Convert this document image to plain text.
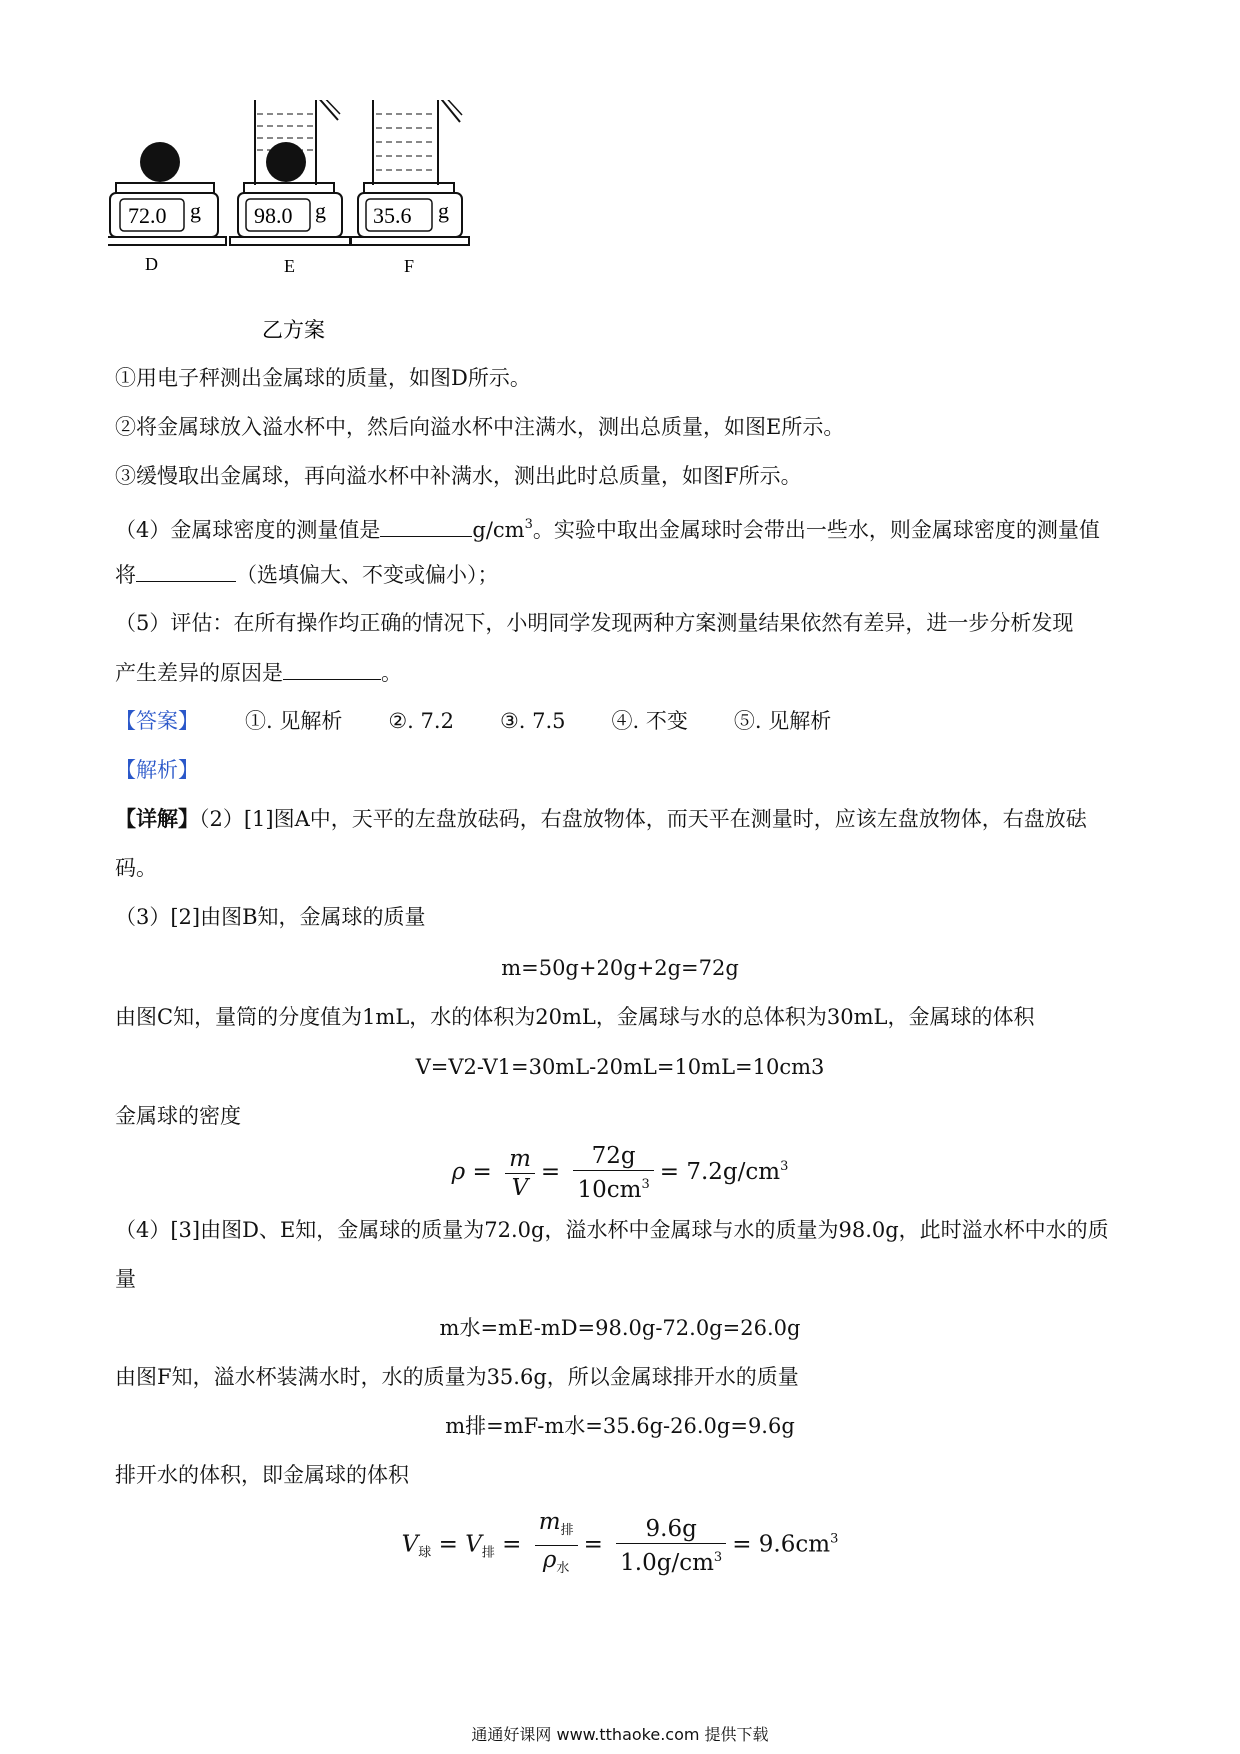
72.0 g
D
98.0 g
E
35.6 g
F
乙方案
①用电子秤测出金属球的质量，如图D所示。
②将金属球放入溢水杯中，然后向溢水杯中注满水，测出总质量，如图E所示。
③缓慢取出金属球，再向溢水杯中补满水，测出此时总质量，如图F所示。
（4）金属球密度的测量值是	$g/cm^3$。实验中取出金属球时会带出一些水，则金属球密度的测量值
将	（选填偏大、不变或偏小）；
（5）评估：在所有操作均正确的情况下，小明同学发现两种方案测量结果依然有差异，进一步分析发现
产生差异的原因是	。
【答案】 ①. 见解析 ②. 7.2 ③. 7.5 ④. 不变 ⑤. 见解析
【解析】
【详解】（2）[1]图A中，天平的左盘放砝码，右盘放物体，而天平在测量时，应该左盘放物体，右盘放砝
码。
（3）[2]由图B知，金属球的质量
m=50g+20g+2g=72g
由图C知，量筒的分度值为1mL，水的体积为20mL，金属球与水的总体积为30mL，金属球的体积
V=V2-V1=30mL-20mL=10mL=10cm3
金属球的密度
$\rho = \frac{m}{V} = \frac{72g}{10cm^3} = 7.2g/cm^3$
（4）[3]由图D、E知，金属球的质量为72.0g，溢水杯中金属球与水的质量为98.0g，此时溢水杯中水的质
量
m水=mE-mD=98.0g-72.0g=26.0g
由图F知，溢水杯装满水时，水的质量为35.6g，所以金属球排开水的质量
m排=mF-m水=35.6g-26.0g=9.6g
排开水的体积，即金属球的体积
$V_球 = V_排 = \frac{m_排}{\rho_水} = \frac{9.6g}{1.0g/cm^3} = 9.6cm^3$
通通好课网 www.tthaoke.com 提供下载
